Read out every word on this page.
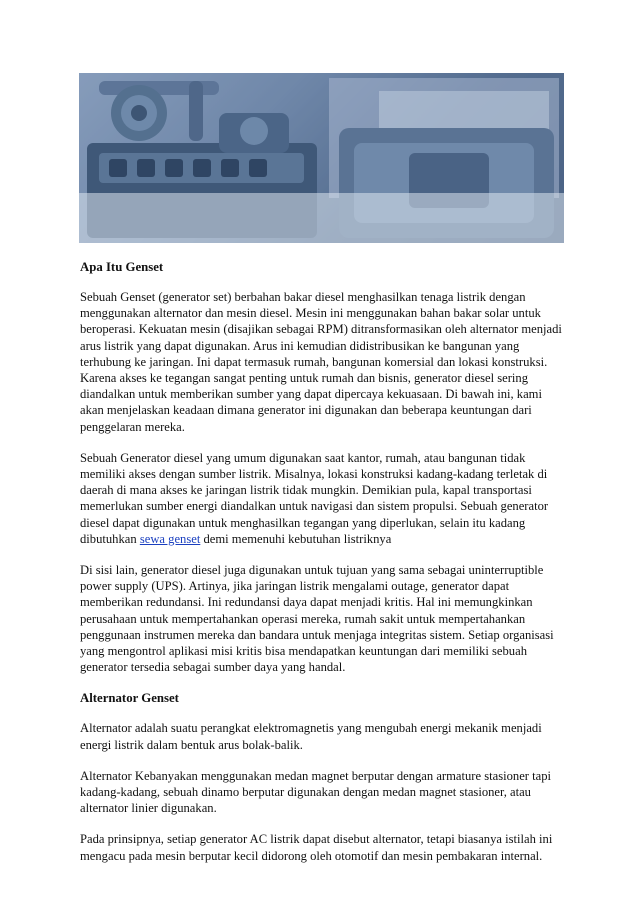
Apa Itu Genset

Sebuah Genset (generator set) berbahan bakar diesel menghasilkan tenaga listrik dengan menggunakan alternator dan mesin diesel. Mesin ini menggunakan bahan bakar solar untuk beroperasi. Kekuatan mesin (disajikan sebagai RPM) ditransformasikan oleh alternator menjadi arus listrik yang dapat digunakan. Arus ini kemudian didistribusikan ke bangunan yang terhubung ke jaringan. Ini dapat termasuk rumah, bangunan komersial dan lokasi konstruksi. Karena akses ke tegangan sangat penting untuk rumah dan bisnis, generator diesel sering diandalkan untuk memberikan sumber yang dapat dipercaya kekuasaan. Di bawah ini, kami akan menjelaskan keadaan dimana generator ini digunakan dan beberapa keuntungan dari penggelaran mereka.

Sebuah Generator diesel yang umum digunakan saat kantor, rumah, atau bangunan tidak memiliki akses dengan sumber listrik. Misalnya, lokasi konstruksi kadang-kadang terletak di daerah di mana akses ke jaringan listrik tidak mungkin. Demikian pula, kapal transportasi memerlukan sumber energi diandalkan untuk navigasi dan sistem propulsi. Sebuah generator diesel dapat digunakan untuk menghasilkan tegangan yang diperlukan, selain itu kadang dibutuhkan sewa genset demi memenuhi kebutuhan listriknya

Di sisi lain, generator diesel juga digunakan untuk tujuan yang sama sebagai uninterruptible power supply (UPS). Artinya, jika jaringan listrik mengalami outage, generator dapat memberikan redundansi. Ini redundansi daya dapat menjadi kritis. Hal ini memungkinkan perusahaan untuk mempertahankan operasi mereka, rumah sakit untuk mempertahankan penggunaan instrumen mereka dan bandara untuk menjaga integritas sistem. Setiap organisasi yang mengontrol aplikasi misi kritis bisa mendapatkan keuntungan dari memiliki sebuah generator tersedia sebagai sumber daya yang handal.

Alternator Genset

Alternator adalah suatu perangkat elektromagnetis yang mengubah energi mekanik menjadi energi listrik dalam bentuk arus bolak-balik.

Alternator Kebanyakan menggunakan medan magnet berputar dengan armature stasioner tapi kadang-kadang, sebuah dinamo berputar digunakan dengan medan magnet stasioner, atau alternator linier digunakan.

Pada prinsipnya, setiap generator AC listrik dapat disebut alternator, tetapi biasanya istilah ini mengacu pada mesin berputar kecil didorong oleh otomotif dan mesin pembakaran internal.
